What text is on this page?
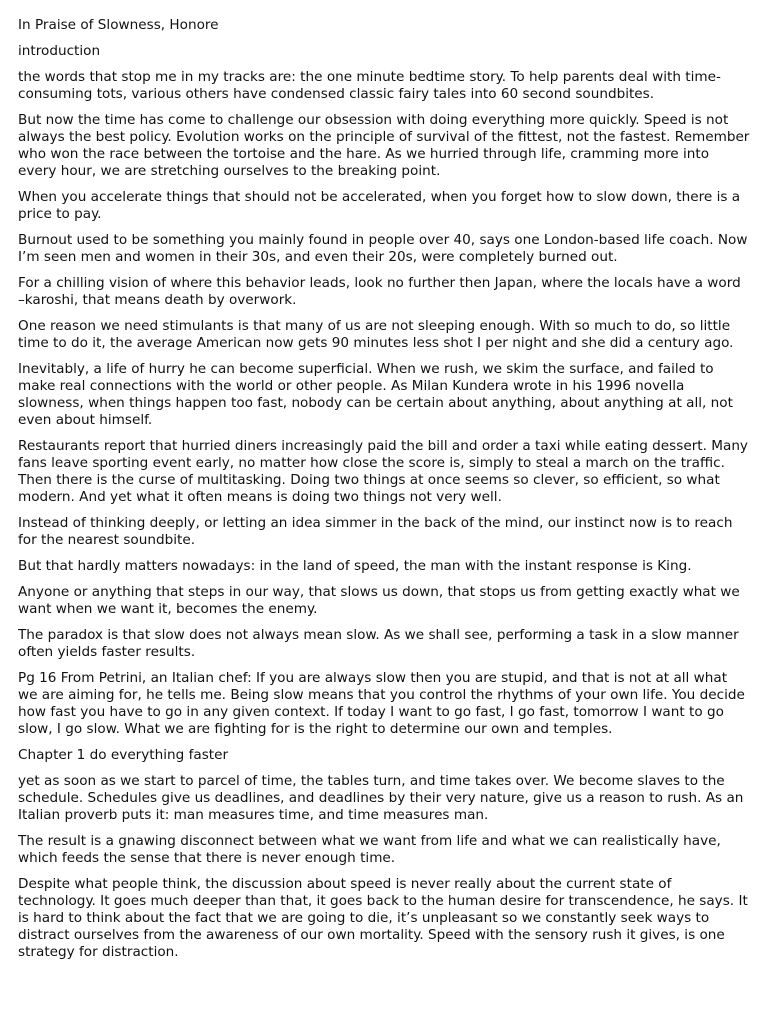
In Praise of Slowness, Honore

introduction

the words that stop me in my tracks are: the one minute bedtime story. To help parents deal with time-consuming tots, various others have condensed classic fairy tales into 60 second soundbites.

But now the time has come to challenge our obsession with doing everything more quickly. Speed is not always the best policy. Evolution works on the principle of survival of the fittest, not the fastest. Remember who won the race between the tortoise and the hare. As we hurried through life, cramming more into every hour, we are stretching ourselves to the breaking point.

When you accelerate things that should not be accelerated, when you forget how to slow down, there is a price to pay.

Burnout used to be something you mainly found in people over 40, says one London-based life coach. Now I’m seen men and women in their 30s, and even their 20s, were completely burned out.

For a chilling vision of where this behavior leads, look no further then Japan, where the locals have a word –karoshi, that means death by overwork.

One reason we need stimulants is that many of us are not sleeping enough. With so much to do, so little time to do it, the average American now gets 90 minutes less shot I per night and she did a century ago.

Inevitably, a life of hurry he can become superficial. When we rush, we skim the surface, and failed to make real connections with the world or other people. As Milan Kundera wrote in his 1996 novella slowness, when things happen too fast, nobody can be certain about anything, about anything at all, not even about himself.

Restaurants report that hurried diners increasingly paid the bill and order a taxi while eating dessert. Many fans leave sporting event early, no matter how close the score is, simply to steal a march on the traffic. Then there is the curse of multitasking. Doing two things at once seems so clever, so efficient, so what modern. And yet what it often means is doing two things not very well.

Instead of thinking deeply, or letting an idea simmer in the back of the mind, our instinct now is to reach for the nearest soundbite.

But that hardly matters nowadays: in the land of speed, the man with the instant response is King.

Anyone or anything that steps in our way, that slows us down, that stops us from getting exactly what we want when we want it, becomes the enemy.

The paradox is that slow does not always mean slow. As we shall see, performing a task in a slow manner often yields faster results.

Pg 16 From Petrini, an Italian chef: If you are always slow then you are stupid, and that is not at all what we are aiming for, he tells me. Being slow means that you control the rhythms of your own life. You decide how fast you have to go in any given context. If today I want to go fast, I go fast, tomorrow I want to go slow, I go slow. What we are fighting for is the right to determine our own and temples.

Chapter 1 do everything faster

yet as soon as we start to parcel of time, the tables turn, and time takes over. We become slaves to the schedule. Schedules give us deadlines, and deadlines by their very nature, give us a reason to rush. As an Italian proverb puts it: man measures time, and time measures man.

The result is a gnawing disconnect between what we want from life and what we can realistically have, which feeds the sense that there is never enough time.

Despite what people think, the discussion about speed is never really about the current state of technology. It goes much deeper than that, it goes back to the human desire for transcendence, he says. It is hard to think about the fact that we are going to die, it’s unpleasant so we constantly seek ways to distract ourselves from the awareness of our own mortality. Speed with the sensory rush it gives, is one strategy for distraction.
